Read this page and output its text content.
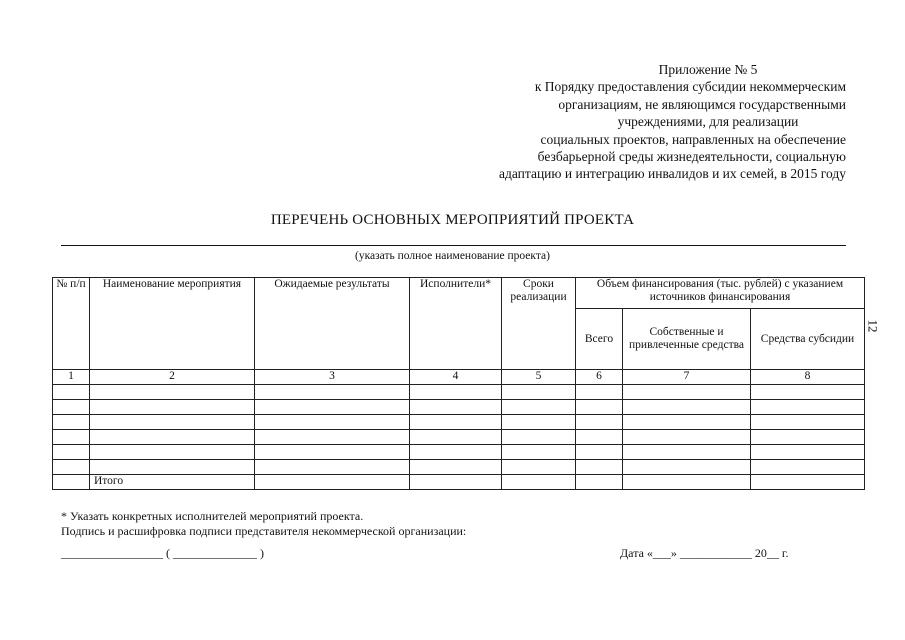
Приложение № 5
к Порядку предоставления субсидии некоммерческим
организациям, не являющимся государственными
учреждениями, для реализации
социальных проектов, направленных на обеспечение
безбарьерной среды жизнедеятельности, социальную
адаптацию и интеграцию инвалидов и их семей, в 2015 году
ПЕРЕЧЕНЬ ОСНОВНЫХ МЕРОПРИЯТИЙ ПРОЕКТА
(указать полное наименование проекта)
№ п/п	Наименование мероприятия	Ожидаемые результаты	Исполнители*	Сроки реализации	Объем финансирования (тыс. рублей) с указанием источников финансирования		
					Всего	Собственные и привлеченные средства	Средства субсидии
1	2	3	4	5	6	7	8

	Итого						
* Указать конкретных исполнителей мероприятий проекта.
Подпись и расшифровка подписи представителя некоммерческой организации:
_________________ ( ______________ )	Дата «___» ____________ 20__ г.
12
